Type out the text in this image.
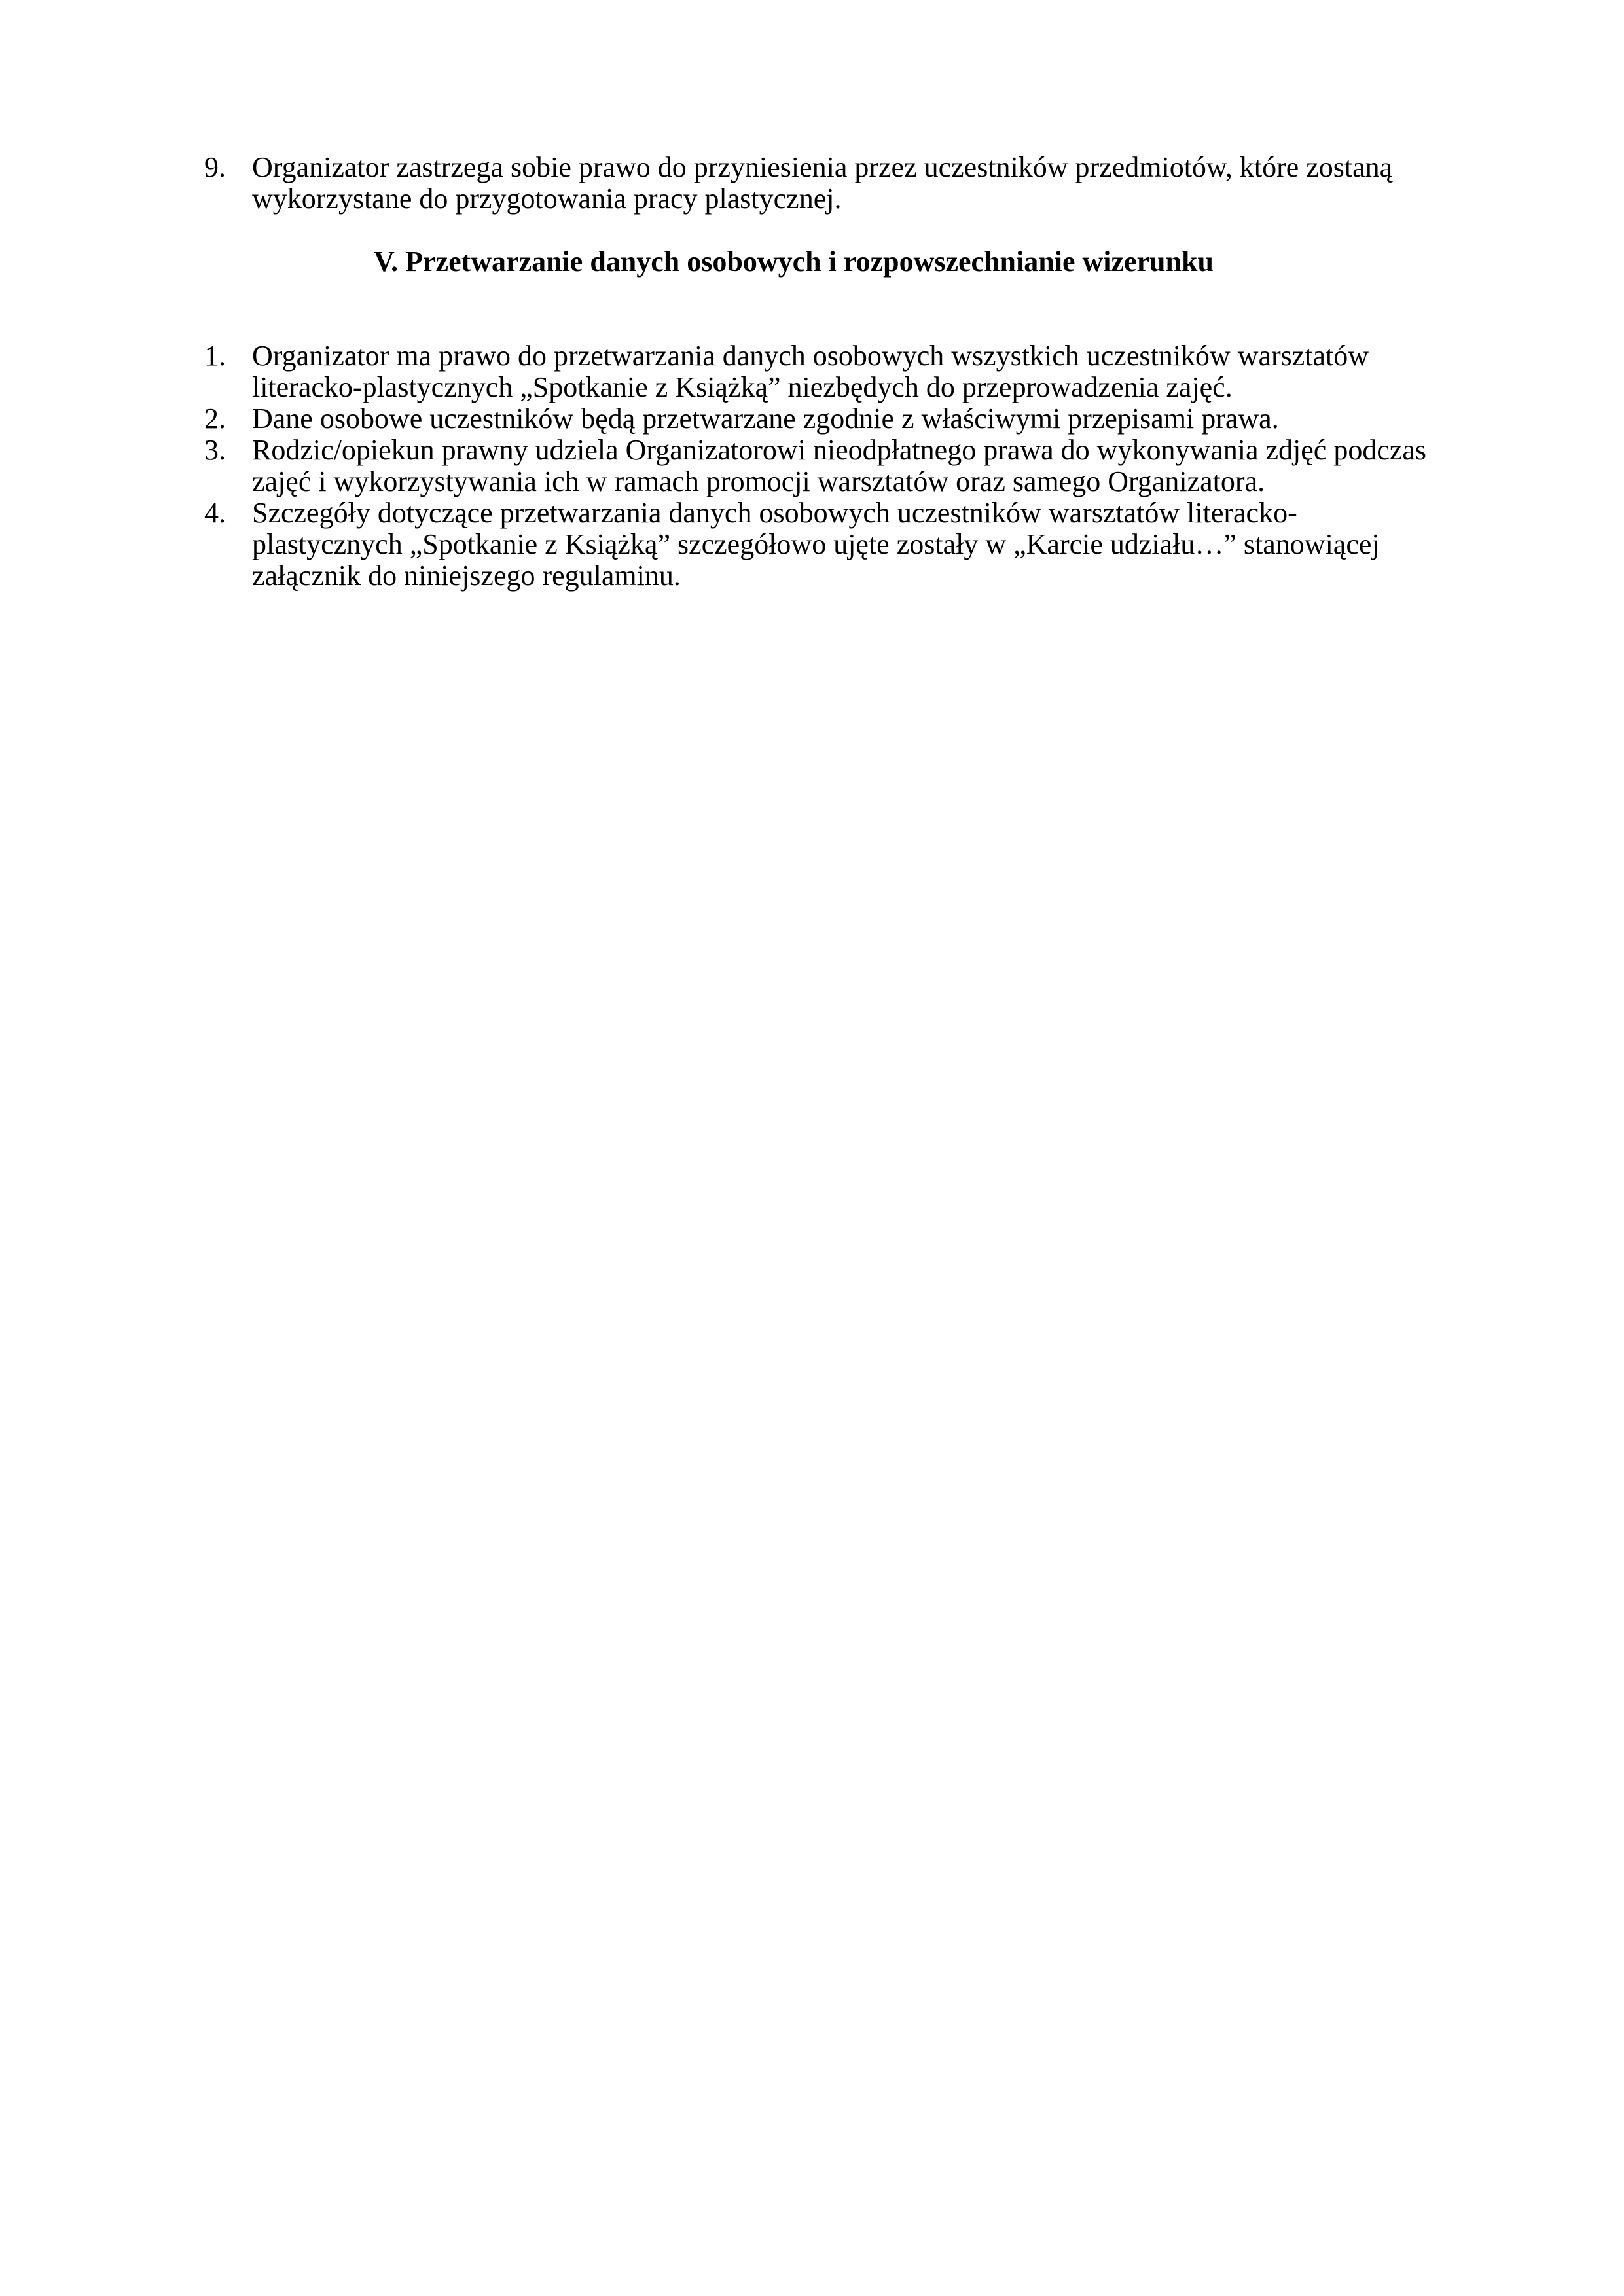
9. Organizator zastrzega sobie prawo do przyniesienia przez uczestników przedmiotów, które zostaną wykorzystane do przygotowania pracy plastycznej.
V. Przetwarzanie danych osobowych i rozpowszechnianie wizerunku
1. Organizator ma prawo do przetwarzania danych osobowych wszystkich uczestników warsztatów literacko-plastycznych „Spotkanie z Książką” niezbędych do przeprowadzenia zajęć.
2. Dane osobowe uczestników będą przetwarzane zgodnie z właściwymi przepisami prawa.
3. Rodzic/opiekun prawny udziela Organizatorowi nieodpłatnego prawa do wykonywania zdjęć podczas zajęć i wykorzystywania ich w ramach promocji warsztatów oraz samego Organizatora.
4. Szczegóły dotyczące przetwarzania danych osobowych uczestników warsztatów literacko-plastycznych „Spotkanie z Książką” szczegółowo ujęte zostały w „Karcie udziału…” stanowiącej załącznik do niniejszego regulaminu.
